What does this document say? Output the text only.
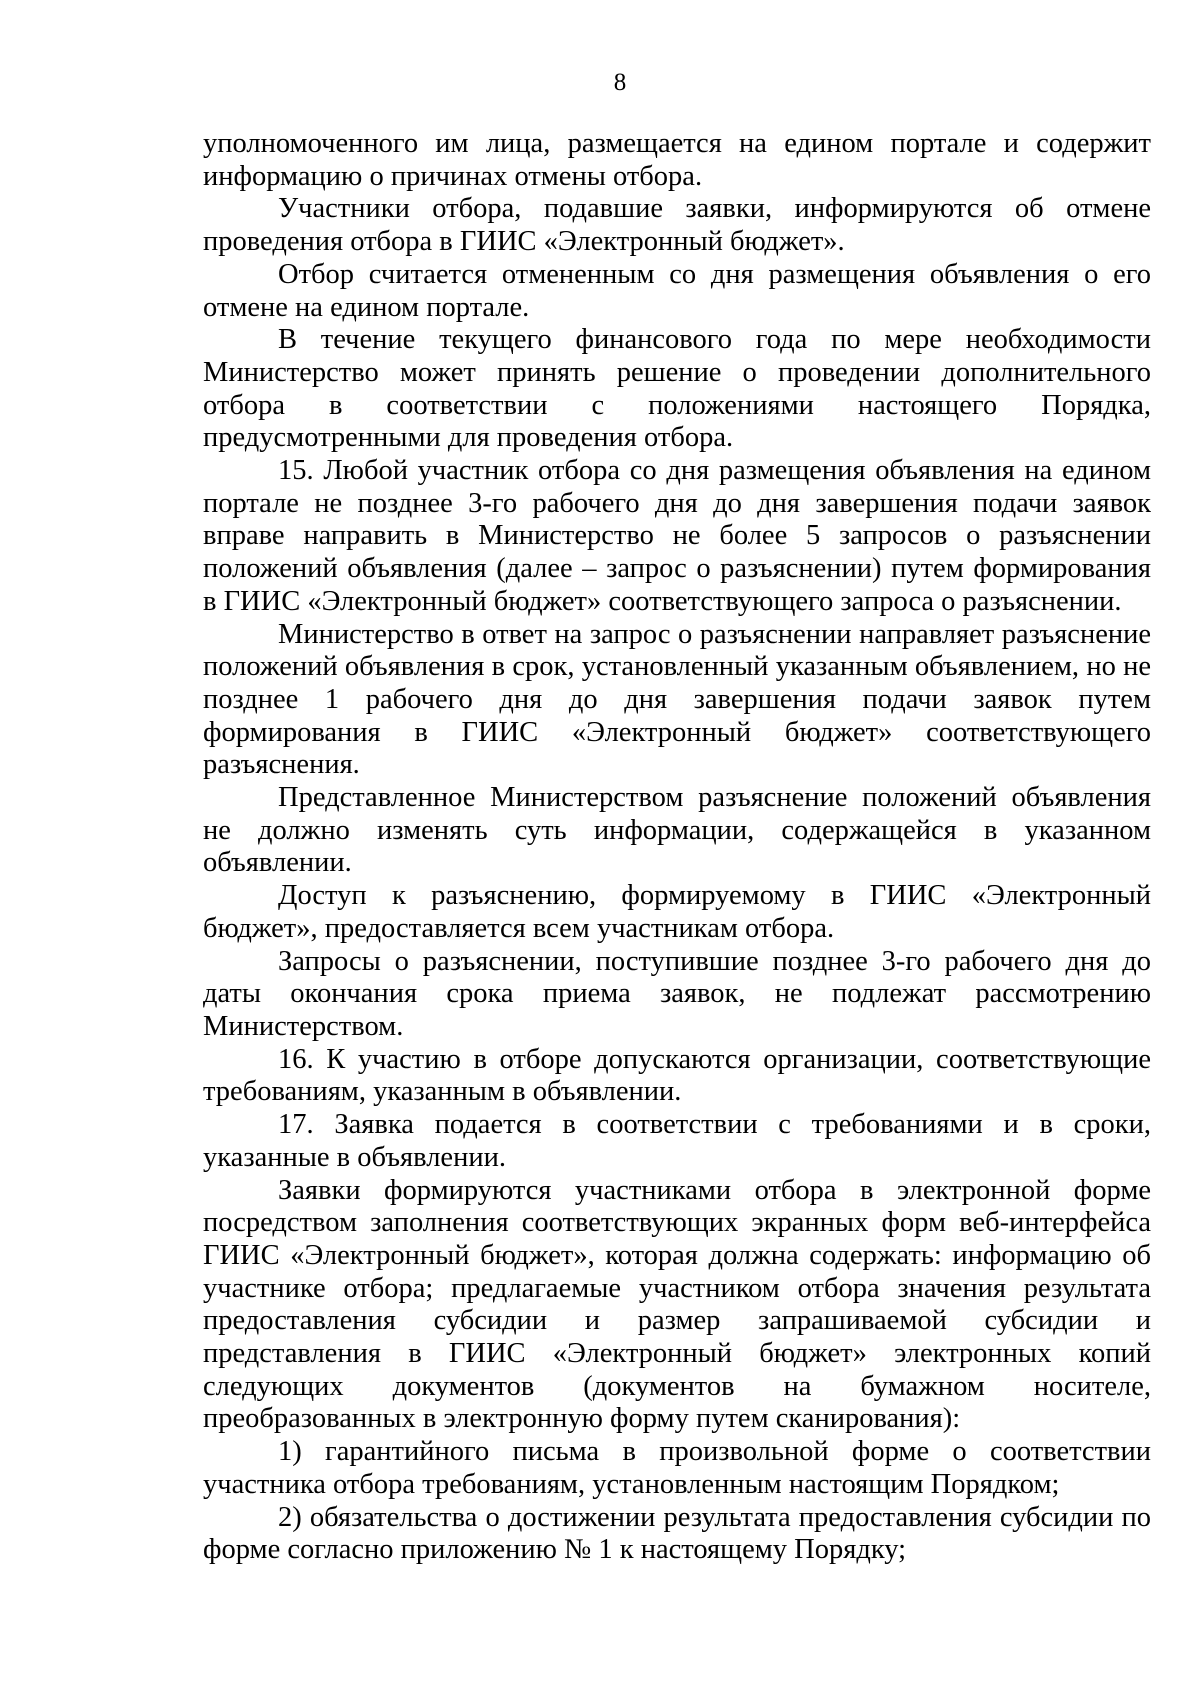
8

уполномоченного им лица, размещается на едином портале и содержит информацию о причинах отмены отбора.

Участники отбора, подавшие заявки, информируются об отмене проведения отбора в ГИИС «Электронный бюджет».

Отбор считается отмененным со дня размещения объявления о его отмене на едином портале.

В течение текущего финансового года по мере необходимости Министерство может принять решение о проведении дополнительного отбора в соответствии с положениями настоящего Порядка, предусмотренными для проведения отбора.

15. Любой участник отбора со дня размещения объявления на едином портале не позднее 3-го рабочего дня до дня завершения подачи заявок вправе направить в Министерство не более 5 запросов о разъяснении положений объявления (далее – запрос о разъяснении) путем формирования в ГИИС «Электронный бюджет» соответствующего запроса о разъяснении.

Министерство в ответ на запрос о разъяснении направляет разъяснение положений объявления в срок, установленный указанным объявлением, но не позднее 1 рабочего дня до дня завершения подачи заявок путем формирования в ГИИС «Электронный бюджет» соответствующего разъяснения.

Представленное Министерством разъяснение положений объявления не должно изменять суть информации, содержащейся в указанном объявлении.

Доступ к разъяснению, формируемому в ГИИС «Электронный бюджет», предоставляется всем участникам отбора.

Запросы о разъяснении, поступившие позднее 3-го рабочего дня до даты окончания срока приема заявок, не подлежат рассмотрению Министерством.

16. К участию в отборе допускаются организации, соответствующие требованиям, указанным в объявлении.

17. Заявка подается в соответствии с требованиями и в сроки, указанные в объявлении.

Заявки формируются участниками отбора в электронной форме посредством заполнения соответствующих экранных форм веб-интерфейса ГИИС «Электронный бюджет», которая должна содержать: информацию об участнике отбора; предлагаемые участником отбора значения результата предоставления субсидии и размер запрашиваемой субсидии и представления в ГИИС «Электронный бюджет» электронных копий следующих документов (документов на бумажном носителе, преобразованных в электронную форму путем сканирования):

1) гарантийного письма в произвольной форме о соответствии участника отбора требованиям, установленным настоящим Порядком;

2) обязательства о достижении результата предоставления субсидии по форме согласно приложению № 1 к настоящему Порядку;
